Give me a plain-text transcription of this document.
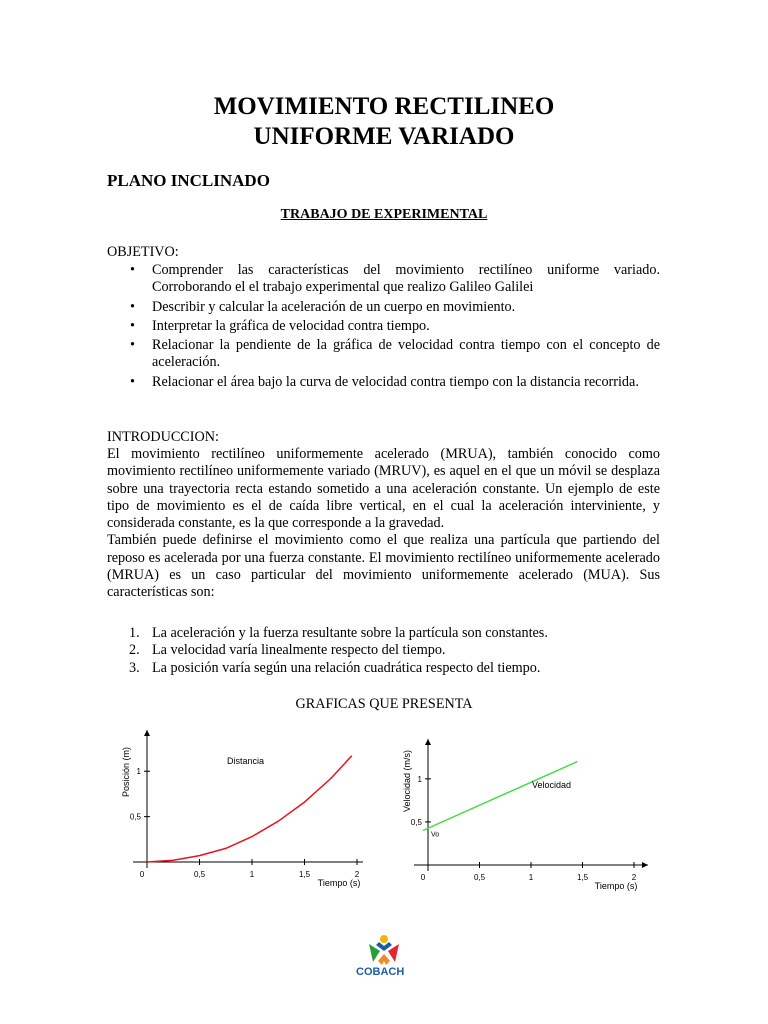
MOVIMIENTO RECTILINEO
UNIFORME VARIADO
PLANO INCLINADO
TRABAJO DE EXPERIMENTAL
OBJETIVO:
• Comprender las características del movimiento rectilíneo uniforme variado. Corroborando el el trabajo experimental que realizo Galileo Galilei
• Describir y calcular la aceleración de un cuerpo en movimiento.
• Interpretar la gráfica de velocidad contra tiempo.
• Relacionar la pendiente de la gráfica de velocidad contra tiempo con el concepto de aceleración.
• Relacionar el área bajo la curva de velocidad contra tiempo con la distancia recorrida.
INTRODUCCION:

El movimiento rectilíneo uniformemente acelerado (MRUA), también conocido como movimiento rectilíneo uniformemente variado (MRUV), es aquel en el que un móvil se desplaza sobre una trayectoria recta estando sometido a una aceleración constante. Un ejemplo de este tipo de movimiento es el de caída libre vertical, en el cual la aceleración interviniente, y considerada constante, es la que corresponde a la gravedad.

También puede definirse el movimiento como el que realiza una partícula que partiendo del reposo es acelerada por una fuerza constante. El movimiento rectilíneo uniformemente acelerado (MRUA) es un caso particular del movimiento uniformemente acelerado (MUA). Sus características son:

1. La aceleración y la fuerza resultante sobre la partícula son constantes.
2. La velocidad varía linealmente respecto del tiempo.
3. La posición varía según una relación cuadrática respecto del tiempo.
GRAFICAS QUE PRESENTA
0	0,5	1	1,5	2
0,5
1
Tiempo (s)
Posición (m)	Distancia
0	0,5	1	1,5	2
0,5
1
Tiempo (s)
Velocidad (m/s)	Velocidad
Vo
COBACH
